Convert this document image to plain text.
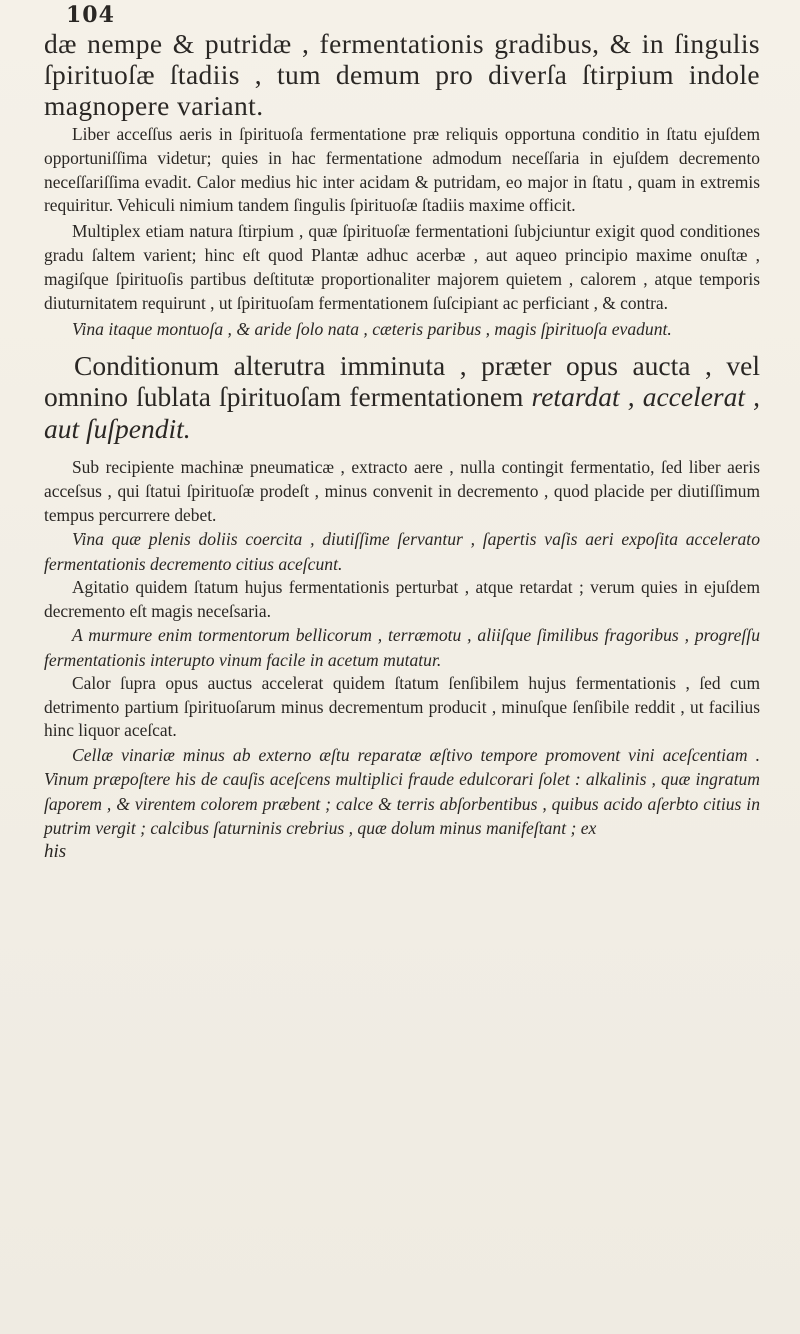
104

dæ nempe & putridæ , fermentationis gradibus, & in ſingulis ſpirituoſæ ſtadiis , tum demum pro diverſa ſtirpium indole magnopere variant.

Liber acceſſus aeris in ſpirituoſa fermentatione præ reliquis opportuna conditio in ſtatu ejuſdem opportuniſſima videtur; quies in hac fermentatione admodum neceſſaria in ejuſdem decremento neceſſariſſima evadit. Calor medius hic inter acidam & putridam, eo major in ſtatu , quam in extremis requiritur. Vehiculi nimium tandem ſingulis ſpirituoſæ ſtadiis maxime officit.

Multiplex etiam natura ſtirpium , quæ ſpirituoſæ fermentationi ſubjciuntur exigit quod conditiones gradu ſaltem varient; hinc eſt quod Plantæ adhuc acerbæ , aut aqueo principio maxime onuſtæ , magiſque ſpirituoſis partibus deſtitutæ proportionaliter majorem quietem , calorem , atque temporis diuturnitatem requirunt , ut ſpirituoſam fermentationem ſuſcipiant ac perficiant , & contra.

Vina itaque montuoſa , & aride ſolo nata , cæteris paribus , magis ſpirituoſa evadunt.

Conditionum alterutra imminuta , præter opus aucta , vel omnino ſublata ſpirituoſam fermentationem retardat , accelerat , aut ſuſpendit.

Sub recipiente machinæ pneumaticæ , extracto aere , nulla contingit fermentatio, ſed liber aeris acceſsus , qui ſtatui ſpirituoſæ prodeſt , minus convenit in decremento , quod placide per diutiſſimum tempus percurrere debet.

Vina quæ plenis doliis coercita , diutiſſime ſervantur , ſapertis vaſis aeri expoſita accelerato fermentationis decremento citius aceſcunt.

Agitatio quidem ſtatum hujus fermentationis perturbat , atque retardat ; verum quies in ejuſdem decremento eſt magis neceſsaria.

A murmure enim tormentorum bellicorum , terræmotu , aliiſque ſimilibus fragoribus , progreſſu fermentationis interupto vinum facile in acetum mutatur.

Calor ſupra opus auctus accelerat quidem ſtatum ſenſibilem hujus fermentationis , ſed cum detrimento partium ſpirituoſarum minus decrementum producit , minuſque ſenſibile reddit , ut facilius hinc liquor aceſcat.

Cellæ vinariæ minus ab externo æſtu reparatæ æſtivo tempore promovent vini aceſcentiam . Vinum præpoſtere his de cauſis aceſcens multiplici fraude edulcorari ſolet : alkalinis , quæ ingratum ſaporem , & virentem colorem præbent ; calce & terris abſorbentibus , quibus acido aſerbto citius in putrim vergit ; calcibus ſaturninis crebrius , quæ dolum minus manifeſtant ; ex

his
